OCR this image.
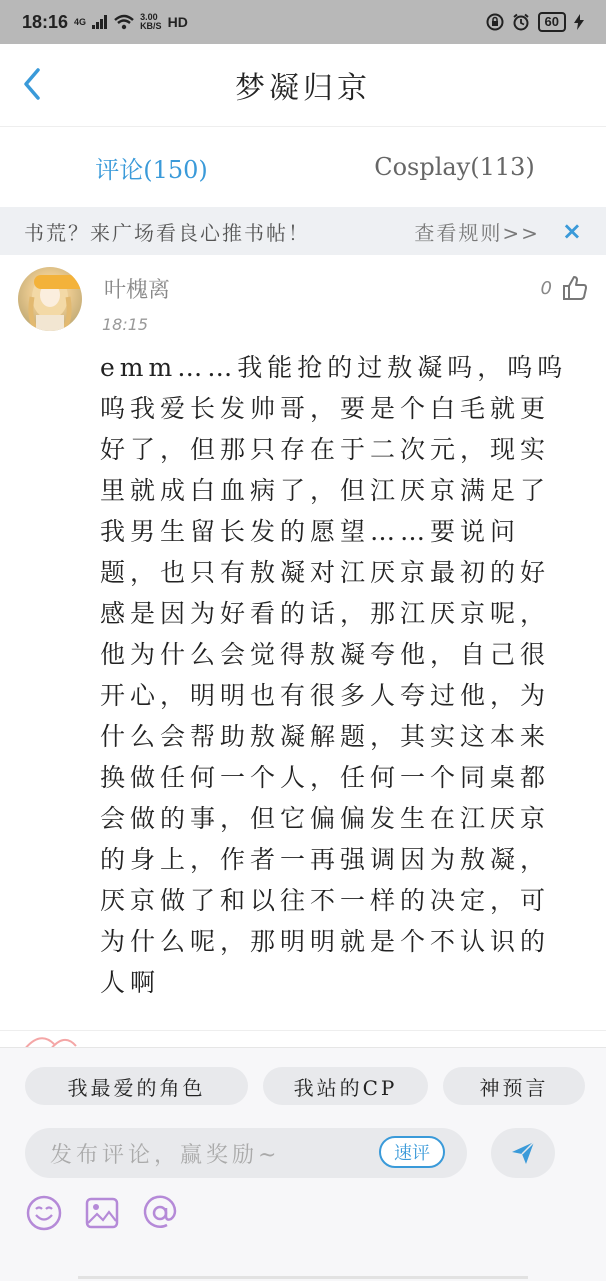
18:16 4G	3.00
KB/S HD	60
梦凝归京
评论(150)	Cosplay(113)
书荒？来广场看良心推书帖！	查看规则>> ×
叶槐离
18:15
0
emm……我能抢的过敖凝吗，呜呜呜我爱长发帅哥，要是个白毛就更好了，但那只存在于二次元，现实里就成白血病了，但江厌京满足了我男生留长发的愿望……要说问题，也只有敖凝对江厌京最初的好感是因为好看的话，那江厌京呢，他为什么会觉得敖凝夸他，自己很开心，明明也有很多人夸过他，为什么会帮助敖凝解题，其实这本来换做任何一个人，任何一个同桌都会做的事，但它偏偏发生在江厌京的身上，作者一再强调因为敖凝，厌京做了和以往不一样的决定，可为什么呢，那明明就是个不认识的人啊
我最爱的角色	我站的CP	神预言
发布评论，赢奖励~	速评
